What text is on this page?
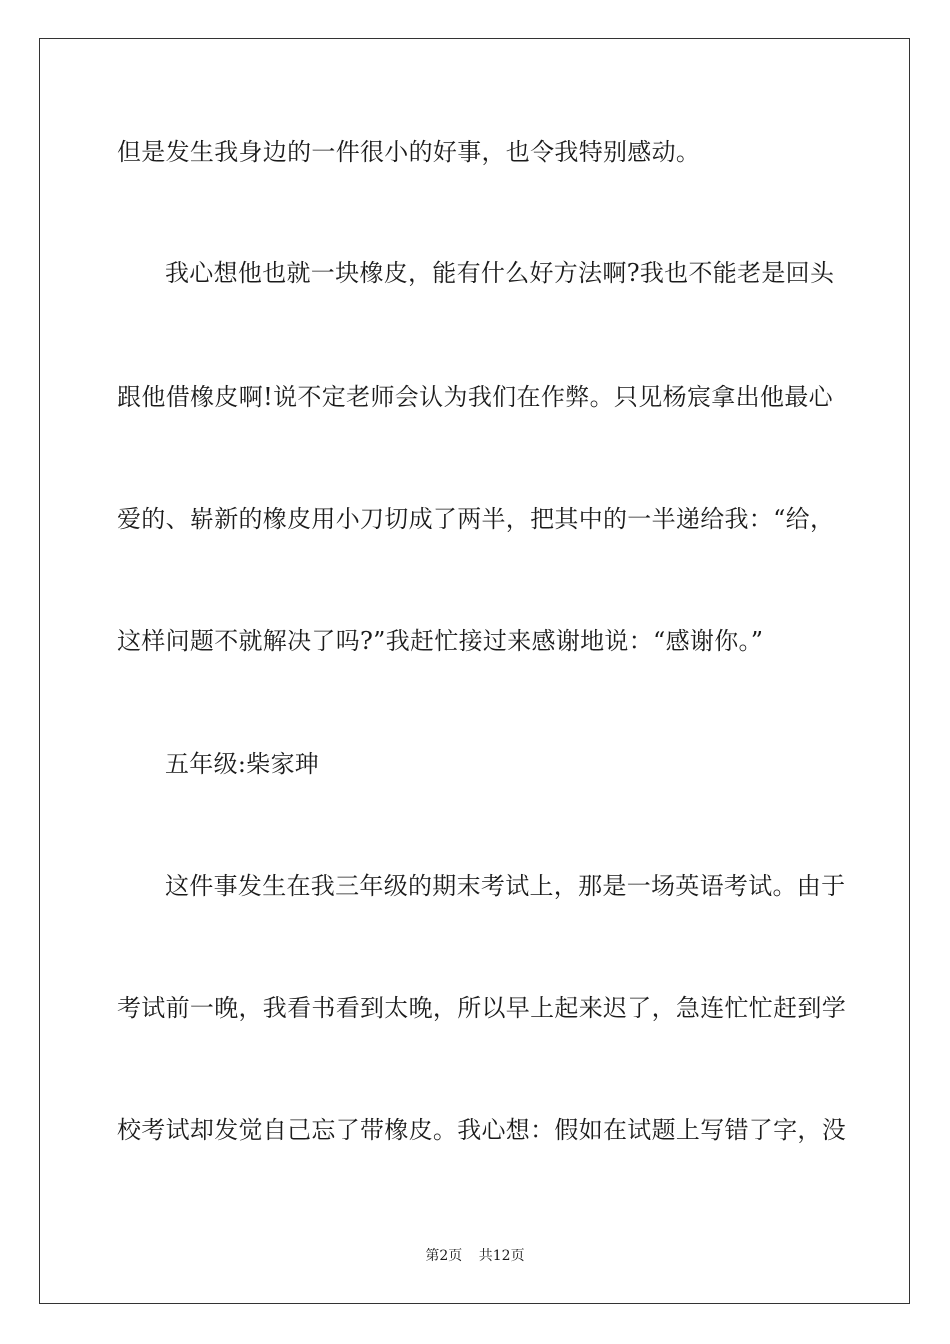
但是发生我身边的一件很小的好事，也令我特别感动。
我心想他也就一块橡皮，能有什么好方法啊?我也不能老是回头
跟他借橡皮啊!说不定老师会认为我们在作弊。只见杨宸拿出他最心
爱的、崭新的橡皮用小刀切成了两半，把其中的一半递给我：“给，
这样问题不就解决了吗?”我赶忙接过来感谢地说：“感谢你。”
五年级:柴家珅
这件事发生在我三年级的期末考试上，那是一场英语考试。由于
考试前一晚，我看书看到太晚，所以早上起来迟了，急连忙忙赶到学
校考试却发觉自己忘了带橡皮。我心想：假如在试题上写错了字，没
第2页 共12页
